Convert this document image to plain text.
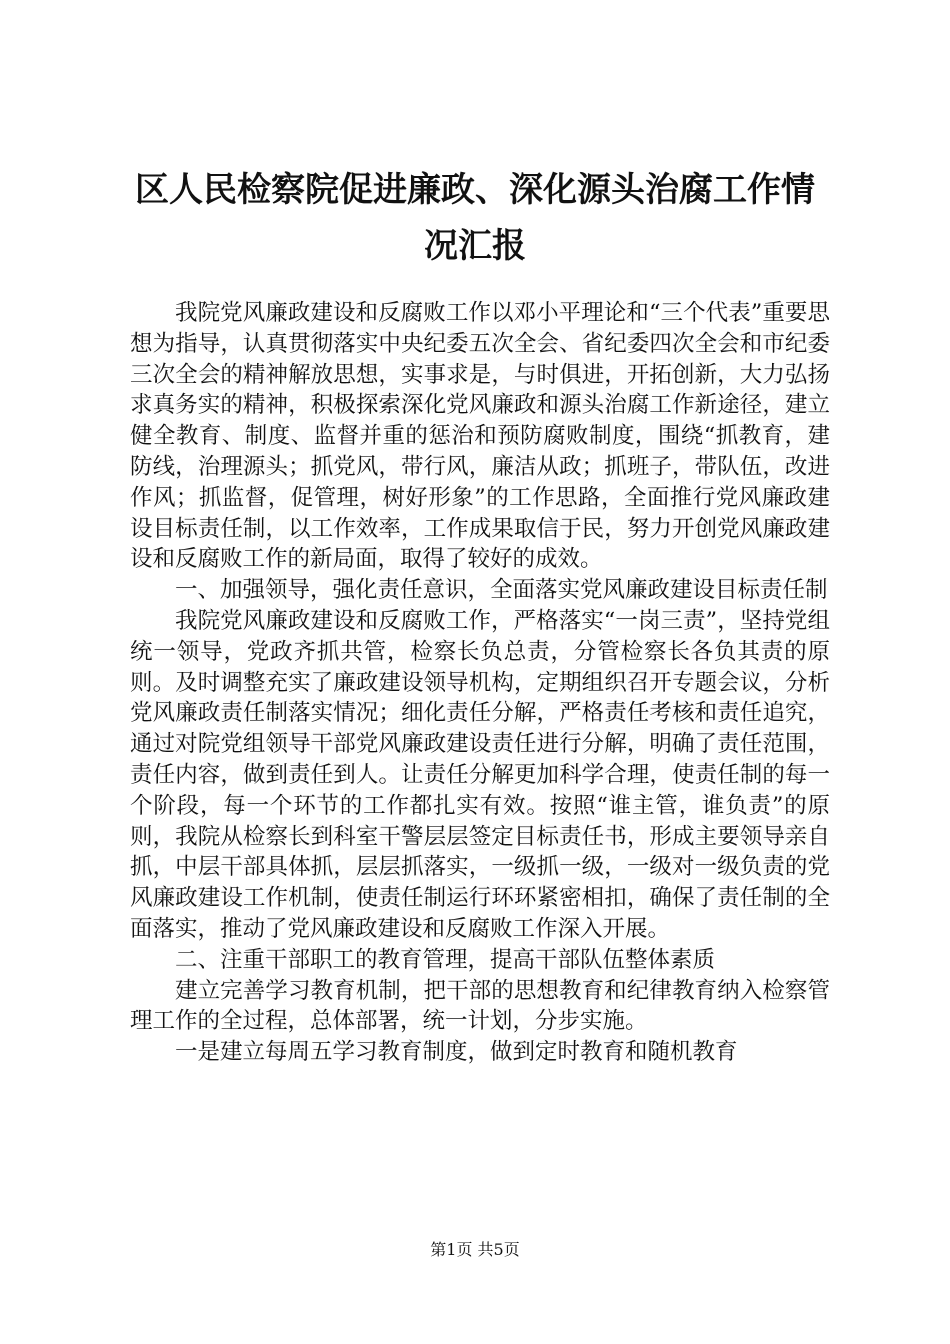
区人民检察院促进廉政、深化源头治腐工作情
况汇报

我院党风廉政建设和反腐败工作以邓小平理论和“三个代表”重要思想为指导，认真贯彻落实中央纪委五次全会、省纪委四次全会和市纪委三次全会的精神解放思想，实事求是，与时俱进，开拓创新，大力弘扬求真务实的精神，积极探索深化党风廉政和源头治腐工作新途径，建立健全教育、制度、监督并重的惩治和预防腐败制度，围绕“抓教育，建防线，治理源头；抓党风，带行风，廉洁从政；抓班子，带队伍，改进作风；抓监督，促管理，树好形象”的工作思路，全面推行党风廉政建设目标责任制，以工作效率，工作成果取信于民，努力开创党风廉政建设和反腐败工作的新局面，取得了较好的成效。

一、加强领导，强化责任意识，全面落实党风廉政建设目标责任制

我院党风廉政建设和反腐败工作，严格落实“一岗三责”，坚持党组统一领导，党政齐抓共管，检察长负总责，分管检察长各负其责的原则。及时调整充实了廉政建设领导机构，定期组织召开专题会议，分析党风廉政责任制落实情况；细化责任分解，严格责任考核和责任追究，通过对院党组领导干部党风廉政建设责任进行分解，明确了责任范围，责任内容，做到责任到人。让责任分解更加科学合理，使责任制的每一个阶段，每一个环节的工作都扎实有效。按照“谁主管，谁负责”的原则，我院从检察长到科室干警层层签定目标责任书，形成主要领导亲自抓，中层干部具体抓，层层抓落实，一级抓一级，一级对一级负责的党风廉政建设工作机制，使责任制运行环环紧密相扣，确保了责任制的全面落实，推动了党风廉政建设和反腐败工作深入开展。

二、注重干部职工的教育管理，提高干部队伍整体素质

建立完善学习教育机制，把干部的思想教育和纪律教育纳入检察管理工作的全过程，总体部署，统一计划，分步实施。

一是建立每周五学习教育制度，做到定时教育和随机教育

第1页 共5页
